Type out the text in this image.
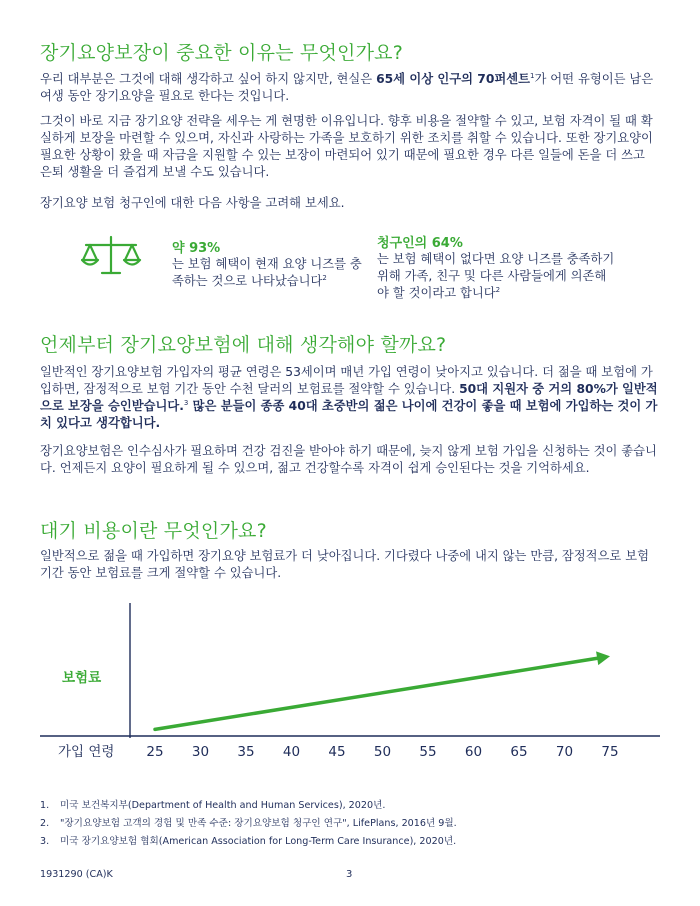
장기요양보장이 중요한 이유는 무엇인가요?

우리 대부분은 그것에 대해 생각하고 싶어 하지 않지만, 현실은 65세 이상 인구의 70퍼센트$^1$가 어떤 유형이든 남은 여생 동안 장기요양을 필요로 한다는 것입니다.

그것이 바로 지금 장기요양 전략을 세우는 게 현명한 이유입니다. 향후 비용을 절약할 수 있고, 보험 자격이 될 때 확실하게 보장을 마련할 수 있으며, 자신과 사랑하는 가족을 보호하기 위한 조치를 취할 수 있습니다. 또한 장기요양이 필요한 상황이 왔을 때 자금을 지원할 수 있는 보장이 마련되어 있기 때문에 필요한 경우 다른 일들에 돈을 더 쓰고 은퇴 생활을 더 즐겁게 보낼 수도 있습니다.

장기요양 보험 청구인에 대한 다음 사항을 고려해 보세요.

약 93%
는 보험 혜택이 현재 요양 니즈를 충족하는 것으로 나타났습니다$^2$
청구인의 64%
는 보험 혜택이 없다면 요양 니즈를 충족하기 위해 가족, 친구 및 다른 사람들에게 의존해야 할 것이라고 합니다$^2$
언제부터 장기요양보험에 대해 생각해야 할까요?

일반적인 장기요양보험 가입자의 평균 연령은 53세이며 매년 가입 연령이 낮아지고 있습니다. 더 젊을 때 보험에 가입하면, 잠정적으로 보험 기간 동안 수천 달러의 보험료를 절약할 수 있습니다. 50대 지원자 중 거의 80%가 일반적으로 보장을 승인받습니다.$^3$ 많은 분들이 종종 40대 초중반의 젊은 나이에 건강이 좋을 때 보험에 가입하는 것이 가치 있다고 생각합니다.

장기요양보험은 인수심사가 필요하며 건강 검진을 받아야 하기 때문에, 늦지 않게 보험 가입을 신청하는 것이 좋습니다. 언제든지 요양이 필요하게 될 수 있으며, 젊고 건강할수록 자격이 쉽게 승인된다는 것을 기억하세요.

대기 비용이란 무엇인가요?

일반적으로 젊을 때 가입하면 장기요양 보험료가 더 낮아집니다. 기다렸다 나중에 내지 않는 만큼, 잠정적으로 보험 기간 동안 보험료를 크게 절약할 수 있습니다.

보험료
가입 연령 25 30 35 40 45 50 55 60 65 70 75
1. 미국 보건복지부(Department of Health and Human Services), 2020년.
2. "장기요양보험 고객의 경험 및 만족 수준: 장기요양보험 청구인 연구", LifePlans, 2016년 9월.
3. 미국 장기요양보험 협회(American Association for Long-Term Care Insurance), 2020년.
1931290 (CA)K	3
